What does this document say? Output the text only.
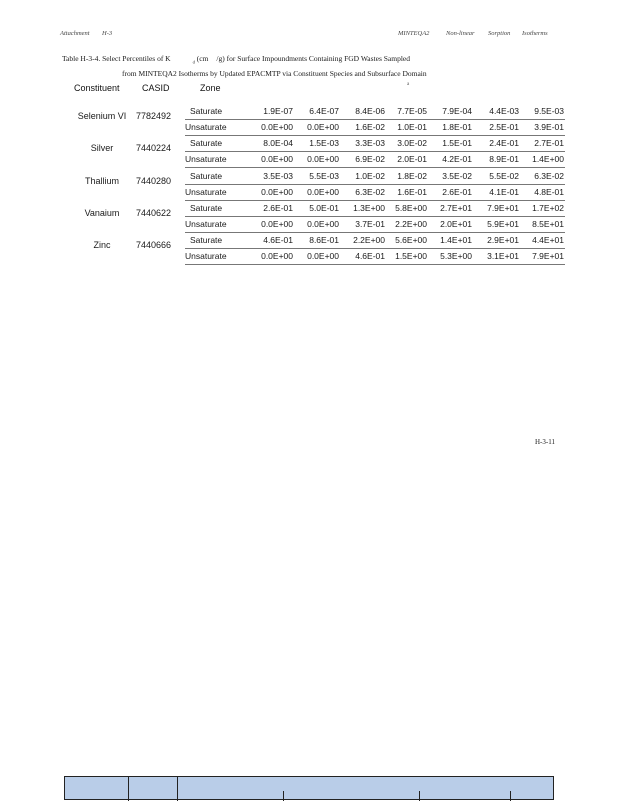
Attachment H-3	MINTEQA2	Non-linear Sorption Isotherms
Table H-3-4. Select Percentiles of K	$_d$ (cm /g) for Surface Impoundments Containing FGD Wastes Sampled
from MINTEQA2 Isotherms by Updated EPACMTP via Constituent Species and Subsurface Domain
a
Constituent CASID	Zone
Selenium VI	7782492 Saturate	1.9E-07	6.4E-07	8.4E-06	7.7E-05	7.9E-04	4.4E-03	9.5E-03
Unsaturate	0.0E+00	0.0E+00	1.6E-02	1.0E-01	1.8E-01	2.5E-01	3.9E-01
Silver	7440224 Saturate	8.0E-04	1.5E-03	3.3E-03	3.0E-02	1.5E-01	2.4E-01	2.7E-01
Unsaturate	0.0E+00	0.0E+00	6.9E-02	2.0E-01	4.2E-01	8.9E-01	1.4E+00
Thallium	7440280 Saturate	3.5E-03	5.5E-03	1.0E-02	1.8E-02	3.5E-02	5.5E-02	6.3E-02
Unsaturate	0.0E+00	0.0E+00	6.3E-02	1.6E-01	2.6E-01	4.1E-01	4.8E-01
Vanaium	7440622 Saturate	2.6E-01	5.0E-01	1.3E+00	5.8E+00	2.7E+01	7.9E+01	1.7E+02
Unsaturate	0.0E+00	0.0E+00	3.7E-01	2.2E+00	2.0E+01	5.9E+01	8.5E+01
Zinc	7440666 Saturate	4.6E-01	8.6E-01	2.2E+00	5.6E+00	1.4E+01	2.9E+01	4.4E+01
Unsaturate	0.0E+00	0.0E+00	4.6E-01	1.5E+00	5.3E+00	3.1E+01	7.9E+01
H-3-11
